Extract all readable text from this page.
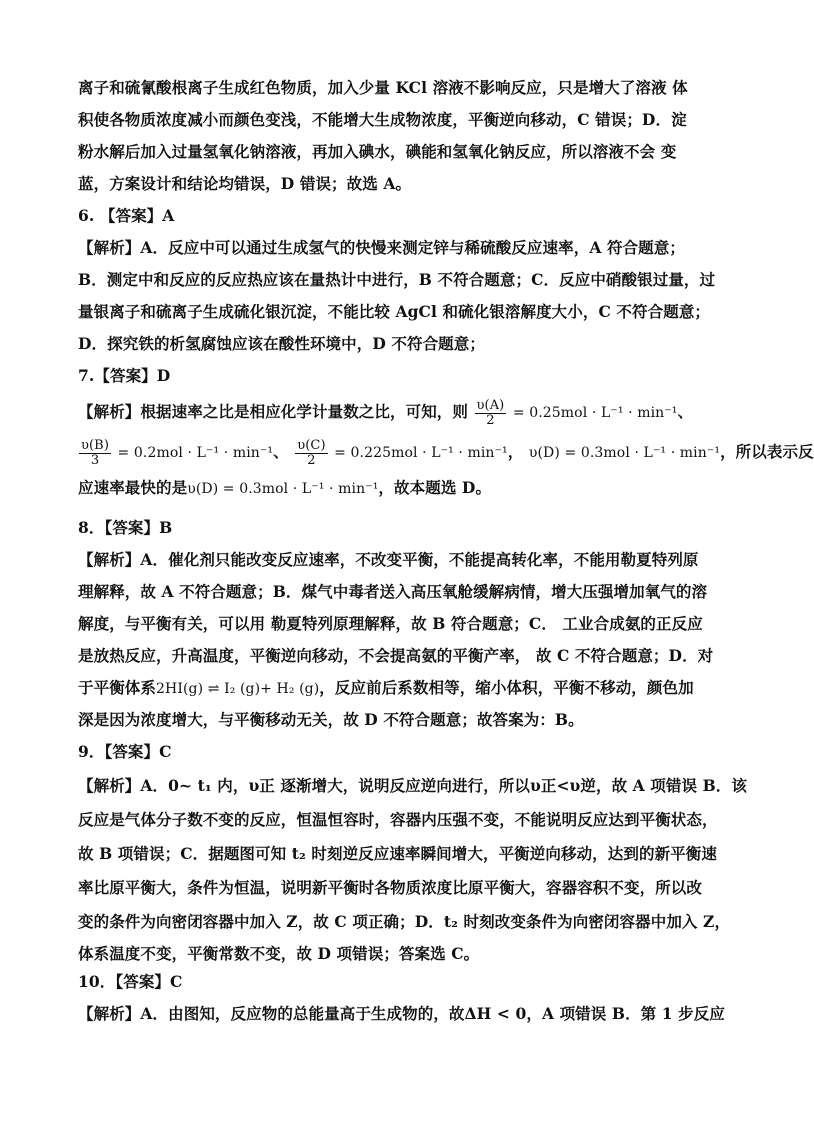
离子和硫氰酸根离子生成红色物质，加入少量 KCl 溶液不影响反应，只是增大了溶液 体
积使各物质浓度减小而颜色变浅，不能增大生成物浓度，平衡逆向移动，C 错误；D．淀
粉水解后加入过量氢氧化钠溶液，再加入碘水，碘能和氢氧化钠反应，所以溶液不会 变
蓝，方案设计和结论均错误，D 错误；故选 A。
6. 【答案】A
【解析】A．反应中可以通过生成氢气的快慢来测定锌与稀硫酸反应速率，A 符合题意；
B．测定中和反应的反应热应该在量热计中进行，B 不符合题意；C．反应中硝酸银过量，过
量银离子和硫离子生成硫化银沉淀，不能比较 AgCl 和硫化银溶解度大小，C 不符合题意；
D．探究铁的析氢腐蚀应该在酸性环境中，D 不符合题意；
7.【答案】D
【解析】根据速率之比是相应化学计量数之比，可知，则 $\frac{\upsilon(A)}{2} = 0.25mol \cdot L^{-1} \cdot \min^{-1}$、
$\frac{\upsilon(B)}{3} = 0.2mol \cdot L^{-1} \cdot \min^{-1}$、 $\frac{\upsilon(C)}{2} = 0.225mol \cdot L^{-1} \cdot \min^{-1}$， υ(D) = 0.3mol · L⁻¹ · min⁻¹，所以表示反
应速率最快的是υ(D) = 0.3mol · L⁻¹ · min⁻¹，故本题选 D。
8．【答案】B
【解析】A．催化剂只能改变反应速率，不改变平衡，不能提高转化率，不能用勒夏特列原
理解释，故 A 不符合题意；B．煤气中毒者送入高压氧舱缓解病情，增大压强增加氧气的溶
解度，与平衡有关，可以用 勒夏特列原理解释，故 B 符合题意；C． 工业合成氨的正反应
是放热反应，升高温度，平衡逆向移动，不会提高氨的平衡产率， 故 C 不符合题意；D．对
于平衡体系2HI(g) ⇌ I₂ (g)+ H₂ (g)，反应前后系数相等，缩小体积，平衡不移动，颜色加
深是因为浓度增大，与平衡移动无关，故 D 不符合题意；故答案为：B。
9．【答案】C
【解析】A．0~ t₁ 内，υ正 逐渐增大，说明反应逆向进行，所以υ正<υ逆，故 A 项错误 B．该
反应是气体分子数不变的反应，恒温恒容时，容器内压强不变，不能说明反应达到平衡状态，
故 B 项错误；C．据题图可知 t₂ 时刻逆反应速率瞬间增大，平衡逆向移动，达到的新平衡速
率比原平衡大，条件为恒温，说明新平衡时各物质浓度比原平衡大，容器容积不变，所以改
变的条件为向密闭容器中加入 Z，故 C 项正确；D．t₂ 时刻改变条件为向密闭容器中加入 Z，
体系温度不变，平衡常数不变，故 D 项错误；答案选 C。
10．【答案】C
【解析】A．由图知，反应物的总能量高于生成物的，故ΔH < 0，A 项错误 B．第 1 步反应
